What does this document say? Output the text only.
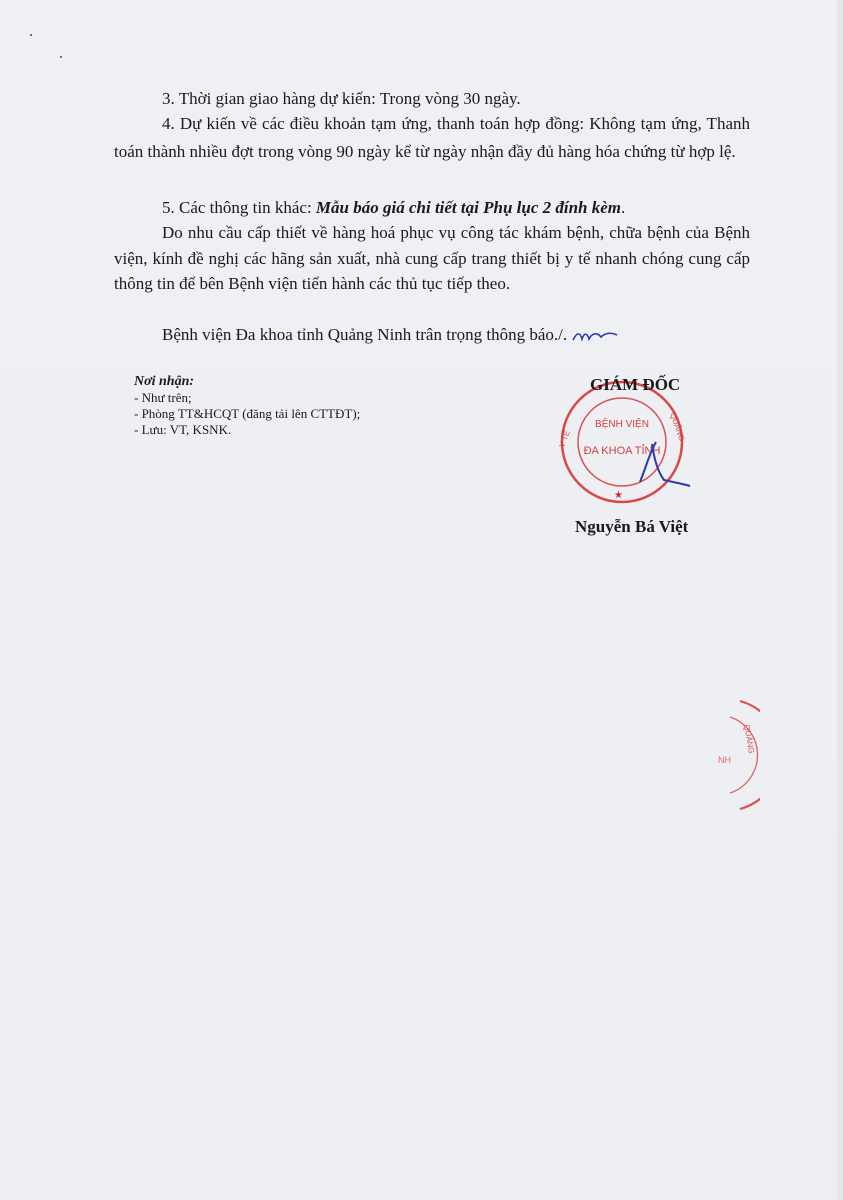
3. Thời gian giao hàng dự kiến: Trong vòng 30 ngày.

4. Dự kiến về các điều khoản tạm ứng, thanh toán hợp đồng: Không tạm ứng, Thanh toán thành nhiều đợt trong vòng 90 ngày kể từ ngày nhận đầy đủ hàng hóa chứng từ hợp lệ.

5. Các thông tin khác: Mẫu báo giá chi tiết tại Phụ lục 2 đính kèm.

Do nhu cầu cấp thiết về hàng hoá phục vụ công tác khám bệnh, chữa bệnh của Bệnh viện, kính đề nghị các hãng sản xuất, nhà cung cấp trang thiết bị y tế nhanh chóng cung cấp thông tin để bên Bệnh viện tiến hành các thủ tục tiếp theo.

Bệnh viện Đa khoa tỉnh Quảng Ninh trân trọng thông báo./.

Nơi nhận:
- Như trên;
- Phòng TT&HCQT (đăng tải lên CTTĐT);
- Lưu: VT, KSNK.	BỆNH VIỆN
ĐA KHOA TỈNH
Y TẾ	QUẢNG
★
GIÁM ĐỐC
Nguyễn Bá Việt
QUẢNG
NH
